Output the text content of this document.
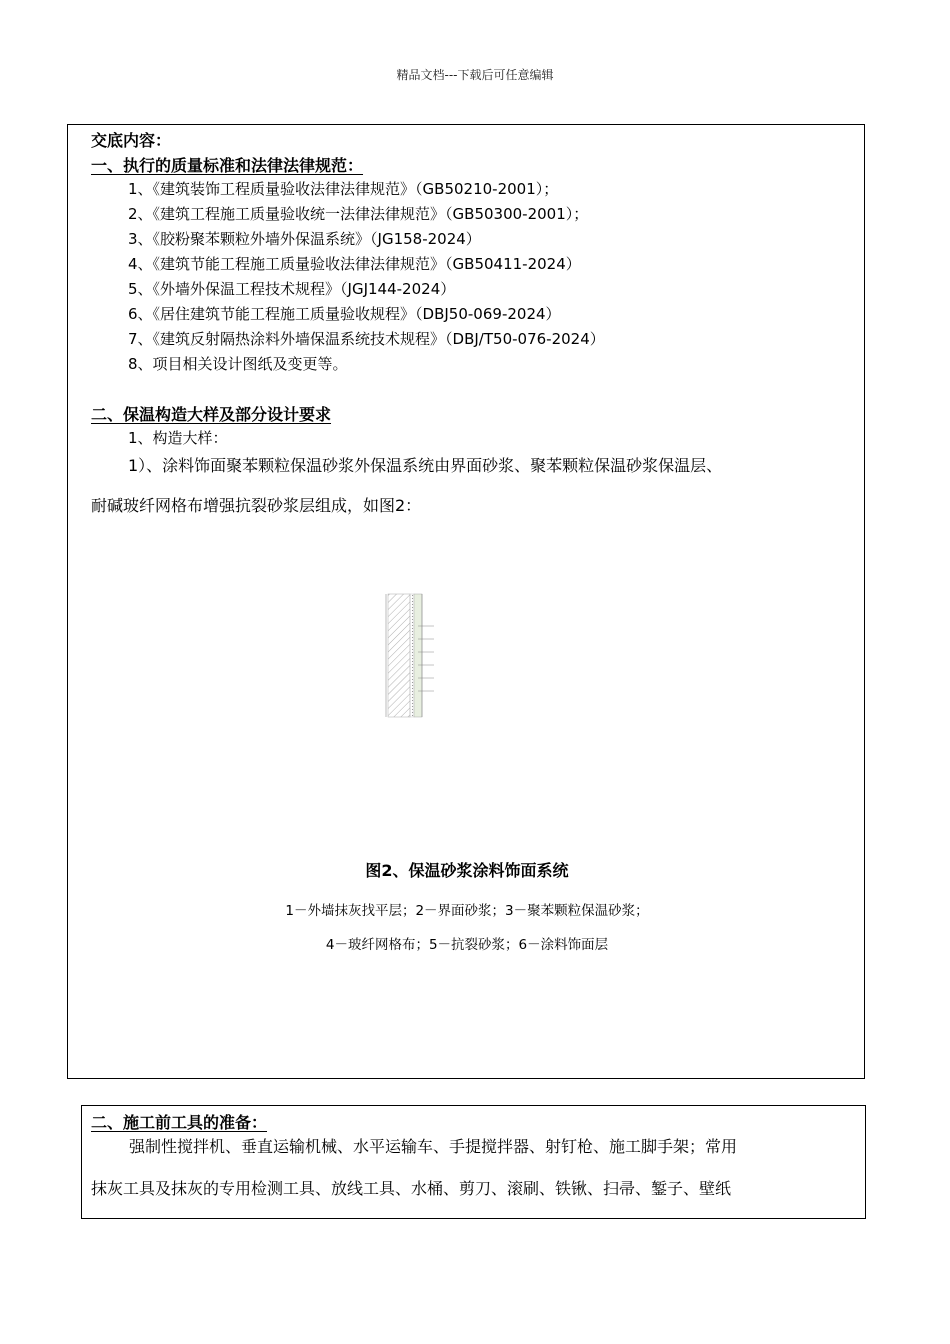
精品文档---下载后可任意编辑
交底内容：
一、执行的质量标准和法律法律规范：
1、《建筑装饰工程质量验收法律法律规范》（GB50210-2001）；
2、《建筑工程施工质量验收统一法律法律规范》（GB50300-2001）；
3、《胶粉聚苯颗粒外墙外保温系统》（JG158-2024）
4、《建筑节能工程施工质量验收法律法律规范》（GB50411-2024）
5、《外墙外保温工程技术规程》（JGJ144-2024）
6、《居住建筑节能工程施工质量验收规程》（DBJ50-069-2024）
7、《建筑反射隔热涂料外墙保温系统技术规程》（DBJ/T50-076-2024）
8、项目相关设计图纸及变更等。
二、保温构造大样及部分设计要求
1、构造大样：
1）、涂料饰面聚苯颗粒保温砂浆外保温系统由界面砂浆、聚苯颗粒保温砂浆保温层、
耐碱玻纤网格布增强抗裂砂浆层组成，如图2：
图2、保温砂浆涂料饰面系统
1－外墙抹灰找平层；2－界面砂浆；3－聚苯颗粒保温砂浆；
4－玻纤网格布；5－抗裂砂浆；6－涂料饰面层
二、施工前工具的准备：
强制性搅拌机、垂直运输机械、水平运输车、手提搅拌器、射钉枪、施工脚手架；常用
抹灰工具及抹灰的专用检测工具、放线工具、水桶、剪刀、滚刷、铁锹、扫帚、錾子、壁纸
